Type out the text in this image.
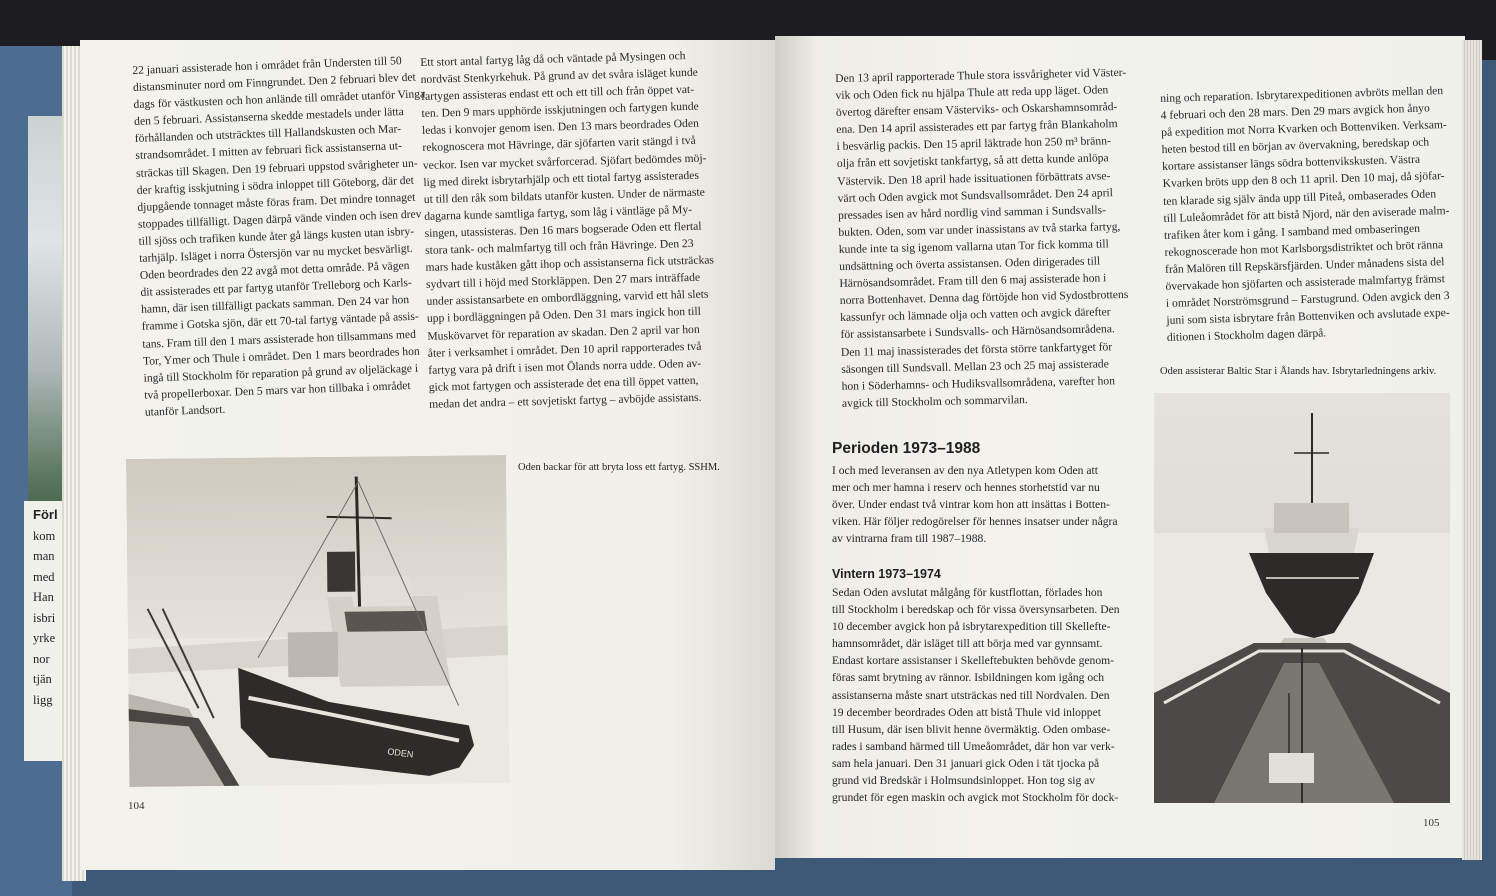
Förl
kom
man
med
Han
isbri
yrke
nor
tjän
ligg

22 januari assisterade hon i området från Understen till 50

distansminuter nord om Finngrundet. Den 2 februari blev det

dags för västkusten och hon anlände till området utanför Vinga

den 5 februari. Assistanserna skedde mestadels under lätta

förhållanden och utsträcktes till Hallandskusten och Mar-

strandsområdet. I mitten av februari fick assistanserna ut-

sträckas till Skagen. Den 19 februari uppstod svårigheter un-

der kraftig isskjutning i södra inloppet till Göteborg, där det

djupgående tonnaget måste föras fram. Det mindre tonnaget

stoppades tillfälligt. Dagen därpå vände vinden och isen drev

till sjöss och trafiken kunde åter gå längs kusten utan isbry-

tarhjälp. Isläget i norra Östersjön var nu mycket besvärligt.

Oden beordrades den 22 avgå mot detta område. På vägen

dit assisterades ett par fartyg utanför Trelleborg och Karls-

hamn, där isen tillfälligt packats samman. Den 24 var hon

framme i Gotska sjön, där ett 70-tal fartyg väntade på assis-

tans. Fram till den 1 mars assisterade hon tillsammans med

Tor, Ymer och Thule i området. Den 1 mars beordrades hon

ingå till Stockholm för reparation på grund av oljeläckage i

två propellerboxar. Den 5 mars var hon tillbaka i området

utanför Landsort.

Ett stort antal fartyg låg då och väntade på Mysingen och

nordväst Stenkyrkehuk. På grund av det svåra isläget kunde

fartygen assisteras endast ett och ett till och från öppet vat-

ten. Den 9 mars upphörde isskjutningen och fartygen kunde

ledas i konvojer genom isen. Den 13 mars beordrades Oden

rekognoscera mot Hävringe, där sjöfarten varit stängd i två

veckor. Isen var mycket svårforcerad. Sjöfart bedömdes möj-

lig med direkt isbrytarhjälp och ett tiotal fartyg assisterades

ut till den råk som bildats utanför kusten. Under de närmaste

dagarna kunde samtliga fartyg, som låg i väntläge på My-

singen, utassisteras. Den 16 mars bogserade Oden ett flertal

stora tank- och malmfartyg till och från Hävringe. Den 23

mars hade kuståken gått ihop och assistanserna fick utsträckas

sydvart till i höjd med Storkläppen. Den 27 mars inträffade

under assistansarbete en ombordläggning, varvid ett hål slets

upp i bordläggningen på Oden. Den 31 mars ingick hon till

Muskövarvet för reparation av skadan. Den 2 april var hon

åter i verksamhet i området. Den 10 april rapporterades två

fartyg vara på drift i isen mot Ölands norra udde. Oden av-

gick mot fartygen och assisterade det ena till öppet vatten,

medan det andra – ett sovjetiskt fartyg – avböjde assistans.

ODEN
Oden backar för att bryta loss ett fartyg. SSHM.
104

Den 13 april rapporterade Thule stora issvårigheter vid Väster-

vik och Oden fick nu hjälpa Thule att reda upp läget. Oden

övertog därefter ensam Västerviks- och Oskarshamnsområd-

ena. Den 14 april assisterades ett par fartyg från Blankaholm

i besvärlig packis. Den 15 april läktrade hon 250 m³ bränn-

olja från ett sovjetiskt tankfartyg, så att detta kunde anlöpa

Västervik. Den 18 april hade issituationen förbättrats avse-

värt och Oden avgick mot Sundsvallsområdet. Den 24 april

pressades isen av hård nordlig vind samman i Sundsvalls-

bukten. Oden, som var under inassistans av två starka fartyg,

kunde inte ta sig igenom vallarna utan Tor fick komma till

undsättning och överta assistansen. Oden dirigerades till

Härnösandsområdet. Fram till den 6 maj assisterade hon i

norra Bottenhavet. Denna dag förtöjde hon vid Sydostbrottens

kassunfyr och lämnade olja och vatten och avgick därefter

för assistansarbete i Sundsvalls- och Härnösandsområdena.

Den 11 maj inassisterades det första större tankfartyget för

säsongen till Sundsvall. Mellan 23 och 25 maj assisterade

hon i Söderhamns- och Hudiksvallsområdena, varefter hon

avgick till Stockholm och sommarvilan.

Perioden 1973–1988

I och med leveransen av den nya Atletypen kom Oden att

mer och mer hamna i reserv och hennes storhetstid var nu

över. Under endast två vintrar kom hon att insättas i Botten-

viken. Här följer redogörelser för hennes insatser under några

av vintrarna fram till 1987–1988.

Vintern 1973–1974

Sedan Oden avslutat målgång för kustflottan, förlades hon

till Stockholm i beredskap och för vissa översynsarbeten. Den

10 december avgick hon på isbrytarexpedition till Skellefte-

hamnsområdet, där isläget till att börja med var gynnsamt.

Endast kortare assistanser i Skelleftebukten behövde genom-

föras samt brytning av rännor. Isbildningen kom igång och

assistanserna måste snart utsträckas ned till Nordvalen. Den

19 december beordrades Oden att bistå Thule vid inloppet

till Husum, där isen blivit henne övermäktig. Oden ombase-

rades i samband härmed till Umeåområdet, där hon var verk-

sam hela januari. Den 31 januari gick Oden i tät tjocka på

grund vid Bredskär i Holmsundsinloppet. Hon tog sig av

grundet för egen maskin och avgick mot Stockholm för dock-

ning och reparation. Isbrytarexpeditionen avbröts mellan den

4 februari och den 28 mars. Den 29 mars avgick hon ånyo

på expedition mot Norra Kvarken och Bottenviken. Verksam-

heten bestod till en början av övervakning, beredskap och

kortare assistanser längs södra bottenvikskusten. Västra

Kvarken bröts upp den 8 och 11 april. Den 10 maj, då sjöfar-

ten klarade sig själv ända upp till Piteå, ombaserades Oden

till Luleåområdet för att bistå Njord, när den aviserade malm-

trafiken åter kom i gång. I samband med ombaseringen

rekognoscerade hon mot Karlsborgsdistriktet och bröt ränna

från Malören till Repskärsfjärden. Under månadens sista del

övervakade hon sjöfarten och assisterade malmfartyg främst

i området Norströmsgrund – Farstugrund. Oden avgick den 3

juni som sista isbrytare från Bottenviken och avslutade expe-

ditionen i Stockholm dagen därpå.

Oden assisterar Baltic Star i Ålands hav. Isbrytarledningens arkiv.
105
